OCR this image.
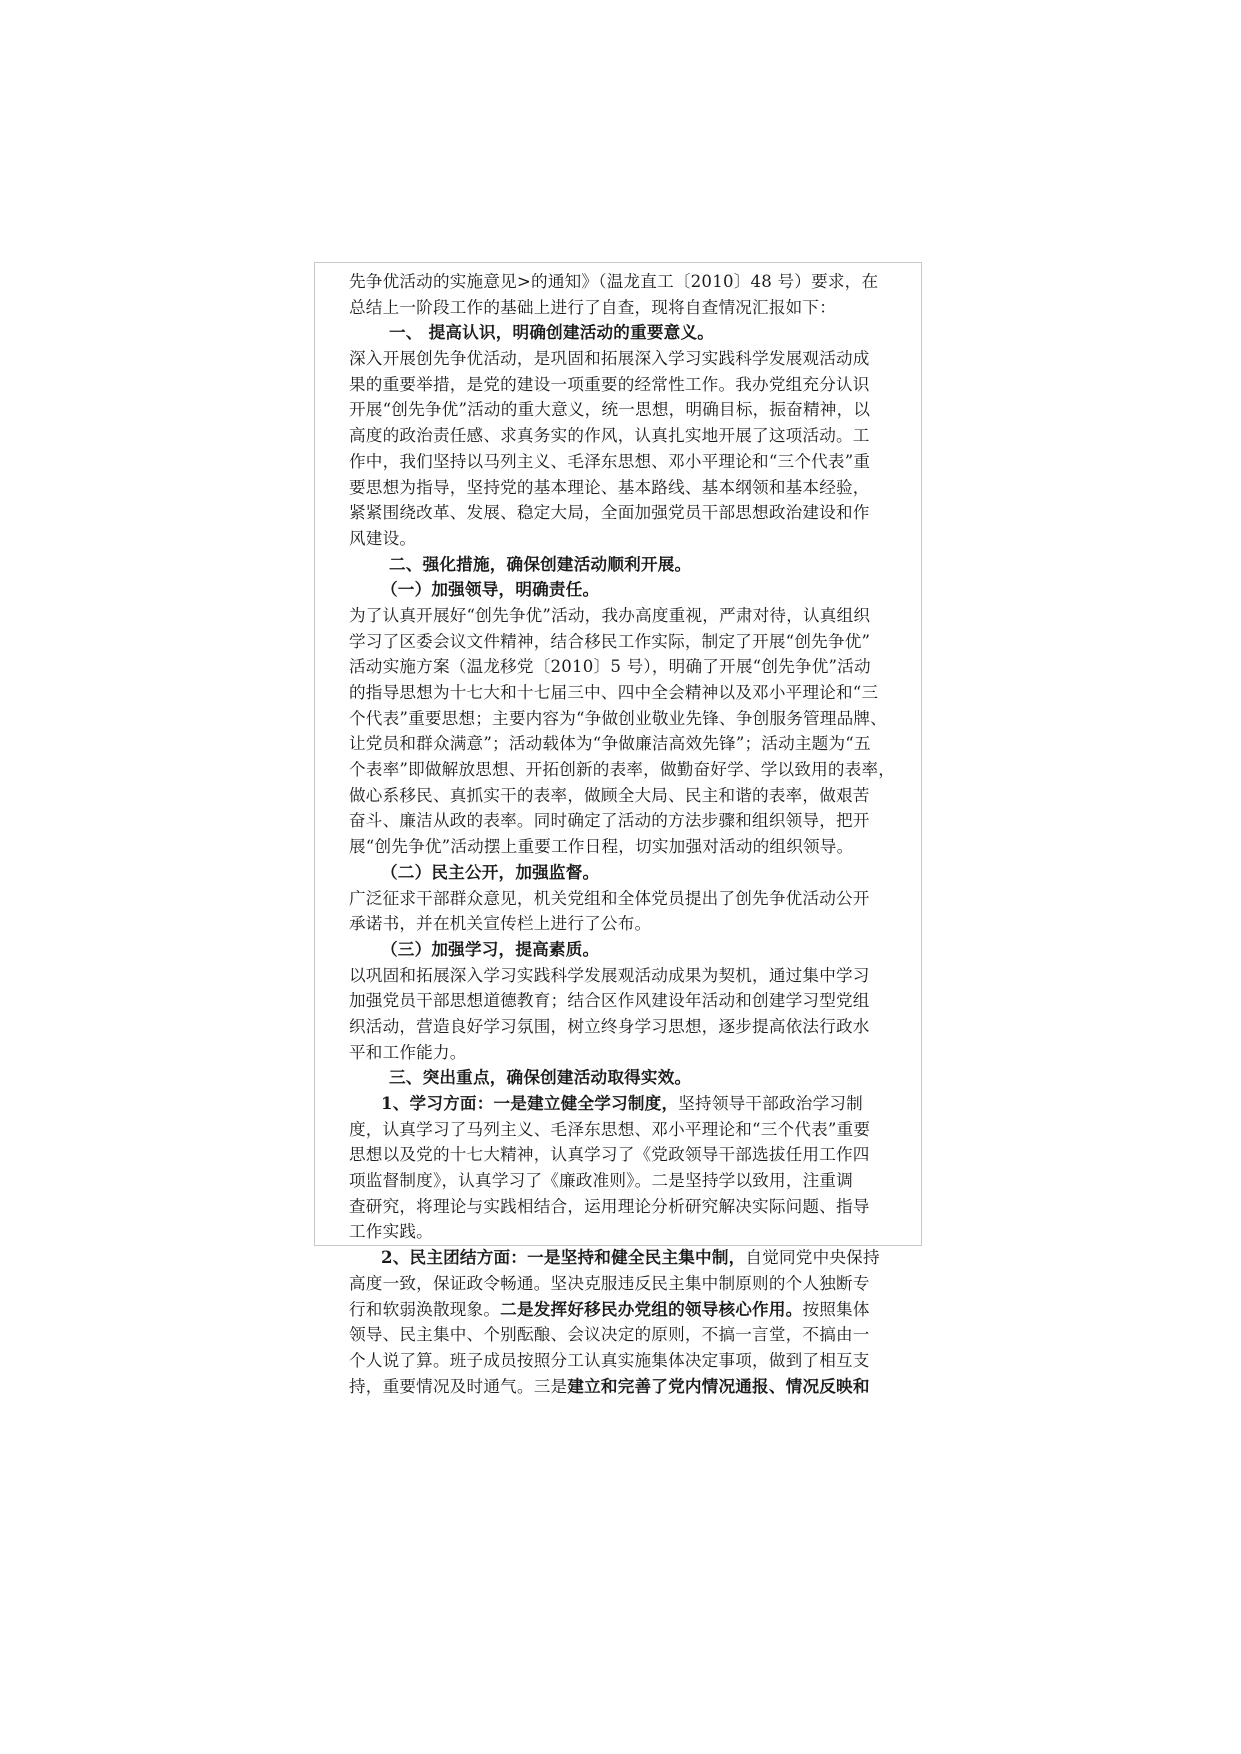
先争优活动的实施意见>的通知》（温龙直工〔2010〕48 号）要求，在
总结上一阶段工作的基础上进行了自查，现将自查情况汇报如下：
一、 提高认识，明确创建活动的重要意义。
深入开展创先争优活动，是巩固和拓展深入学习实践科学发展观活动成
果的重要举措，是党的建设一项重要的经常性工作。我办党组充分认识
开展“创先争优”活动的重大意义，统一思想，明确目标，振奋精神，以
高度的政治责任感、求真务实的作风，认真扎实地开展了这项活动。工
作中，我们坚持以马列主义、毛泽东思想、邓小平理论和“三个代表”重
要思想为指导，坚持党的基本理论、基本路线、基本纲领和基本经验，
紧紧围绕改革、发展、稳定大局，全面加强党员干部思想政治建设和作
风建设。
二、强化措施，确保创建活动顺利开展。
（一）加强领导，明确责任。
为了认真开展好“创先争优”活动，我办高度重视，严肃对待，认真组织
学习了区委会议文件精神，结合移民工作实际，制定了开展“创先争优”
活动实施方案（温龙移党〔2010〕5 号），明确了开展“创先争优”活动
的指导思想为十七大和十七届三中、四中全会精神以及邓小平理论和“三
个代表”重要思想；主要内容为“争做创业敬业先锋、争创服务管理品牌、
让党员和群众满意”；活动载体为“争做廉洁高效先锋”；活动主题为“五
个表率”即做解放思想、开拓创新的表率，做勤奋好学、学以致用的表率，
做心系移民、真抓实干的表率，做顾全大局、民主和谐的表率，做艰苦
奋斗、廉洁从政的表率。同时确定了活动的方法步骤和组织领导，把开
展“创先争优”活动摆上重要工作日程，切实加强对活动的组织领导。
（二）民主公开，加强监督。
广泛征求干部群众意见，机关党组和全体党员提出了创先争优活动公开
承诺书，并在机关宣传栏上进行了公布。
（三）加强学习，提高素质。
以巩固和拓展深入学习实践科学发展观活动成果为契机，通过集中学习
加强党员干部思想道德教育；结合区作风建设年活动和创建学习型党组
织活动，营造良好学习氛围，树立终身学习思想，逐步提高依法行政水
平和工作能力。
三、突出重点，确保创建活动取得实效。
1、学习方面：一是建立健全学习制度，坚持领导干部政治学习制
度，认真学习了马列主义、毛泽东思想、邓小平理论和“三个代表”重要
思想以及党的十七大精神，认真学习了《党政领导干部选拔任用工作四
项监督制度》，认真学习了《廉政准则》。二是坚持学以致用，注重调
查研究，将理论与实践相结合，运用理论分析研究解决实际问题、指导
工作实践。
2、民主团结方面：一是坚持和健全民主集中制，自觉同党中央保持
高度一致，保证政令畅通。坚决克服违反民主集中制原则的个人独断专
行和软弱涣散现象。二是发挥好移民办党组的领导核心作用。按照集体
领导、民主集中、个别酝酿、会议决定的原则，不搞一言堂，不搞由一
个人说了算。班子成员按照分工认真实施集体决定事项，做到了相互支
持，重要情况及时通气。三是建立和完善了党内情况通报、情况反映和
